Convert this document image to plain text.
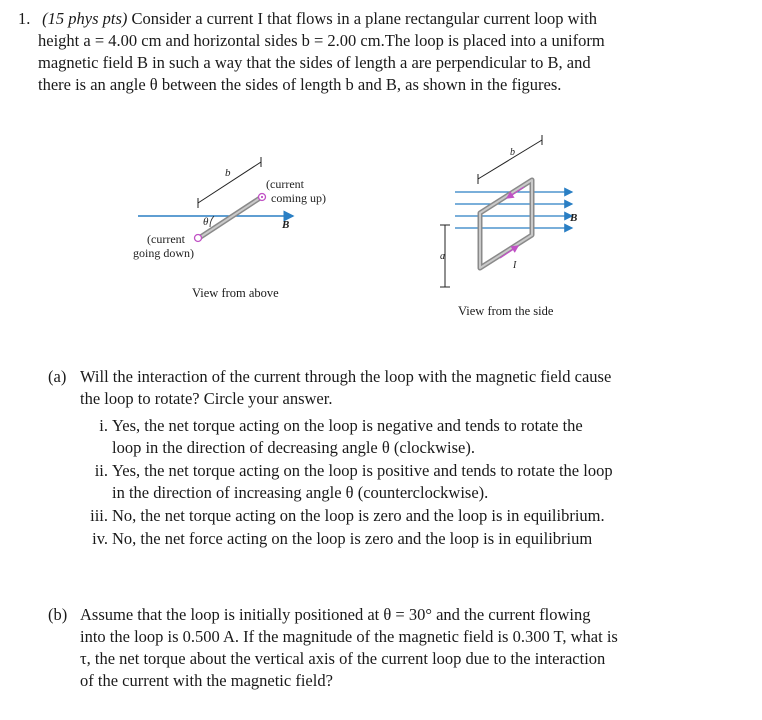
1. (15 phys pts) Consider a current I that flows in a plane rectangular current loop with
height a = 4.00 cm and horizontal sides b = 2.00 cm.The loop is placed into a uniform
magnetic field B in such a way that the sides of length a are perpendicular to B, and
there is an angle θ between the sides of length b and B, as shown in the figures.
b
θ
(current
coming up)
B
(current
going down)
View from above
b
a
I
B
View from the side
(a) Will the interaction of the current through the loop with the magnetic field cause
the loop to rotate? Circle your answer.
i. Yes, the net torque acting on the loop is negative and tends to rotate the
loop in the direction of decreasing angle θ (clockwise).
ii. Yes, the net torque acting on the loop is positive and tends to rotate the loop
in the direction of increasing angle θ (counterclockwise).
iii. No, the net torque acting on the loop is zero and the loop is in equilibrium.
iv. No, the net force acting on the loop is zero and the loop is in equilibrium
(b) Assume that the loop is initially positioned at θ = 30° and the current flowing
into the loop is 0.500 A. If the magnitude of the magnetic field is 0.300 T, what is
τ, the net torque about the vertical axis of the current loop due to the interaction
of the current with the magnetic field?
